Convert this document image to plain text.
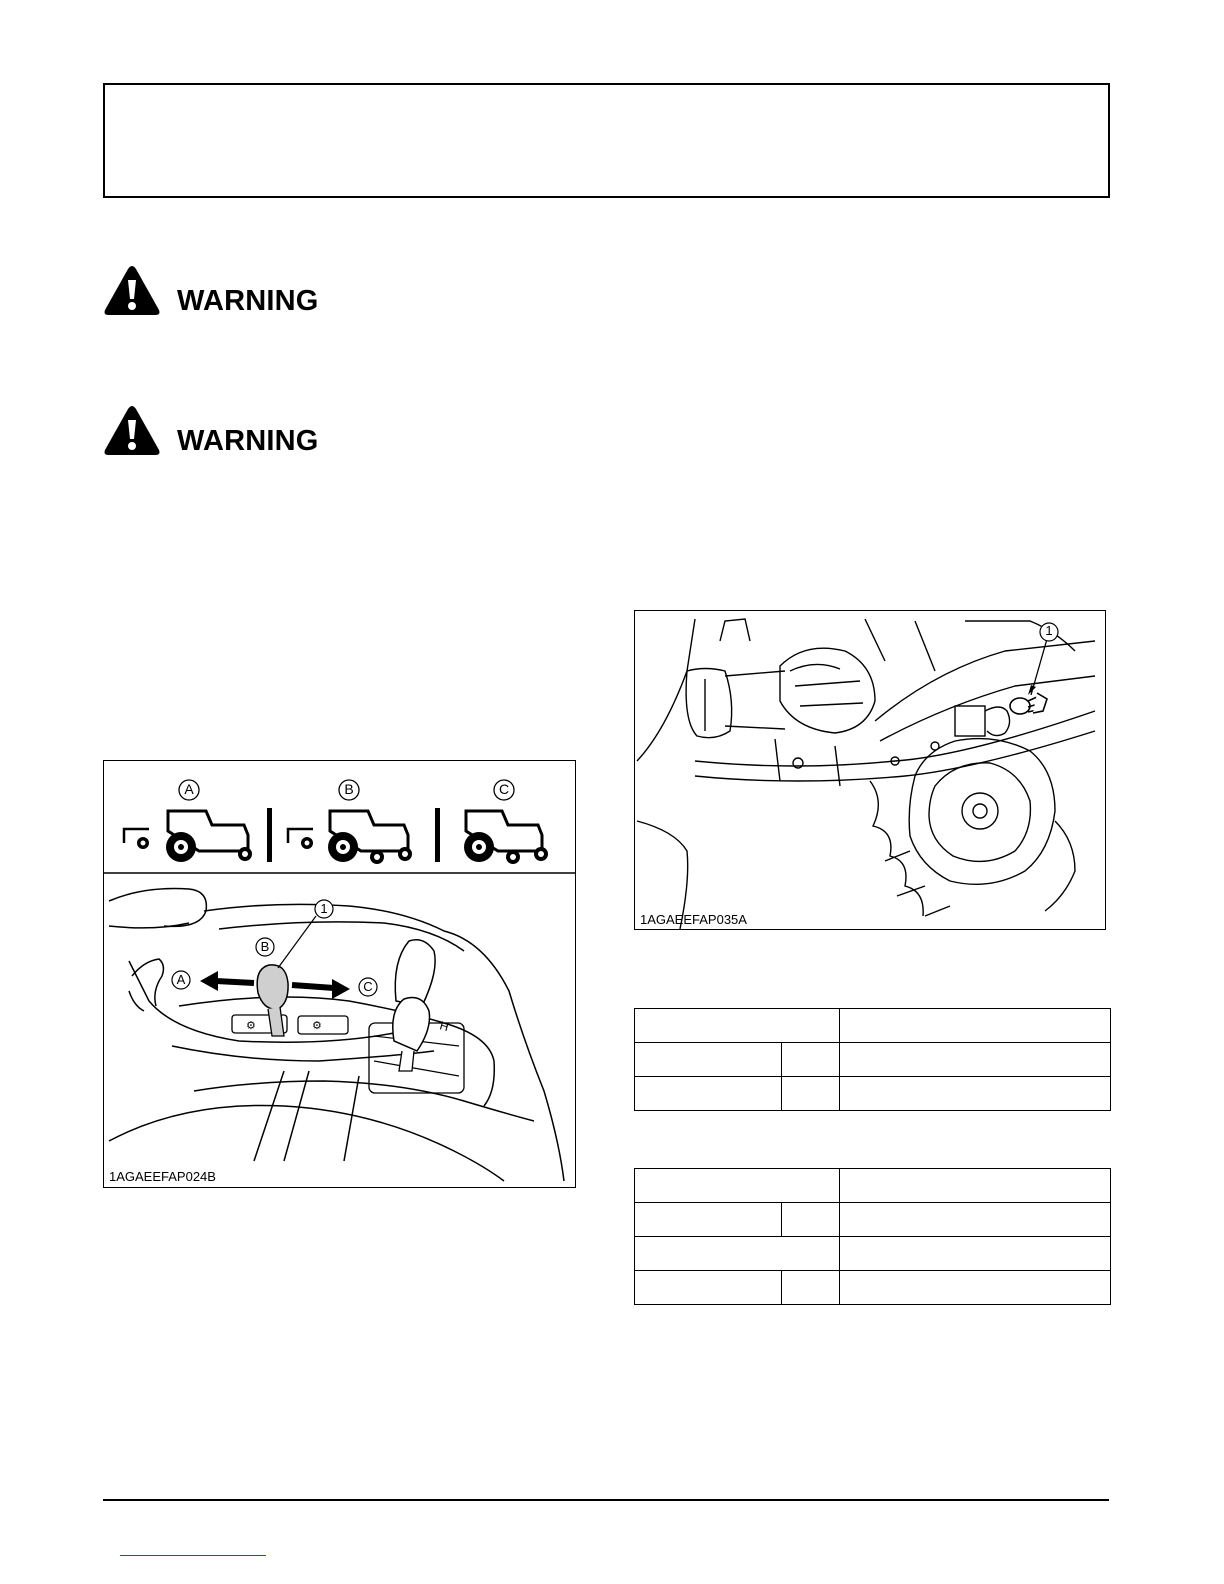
WARNING
WARNING
⚙	⚙	H
A	B	C
1
B
A	C
1AGAEEFAP024B
1
1AGAEEFAP035A
